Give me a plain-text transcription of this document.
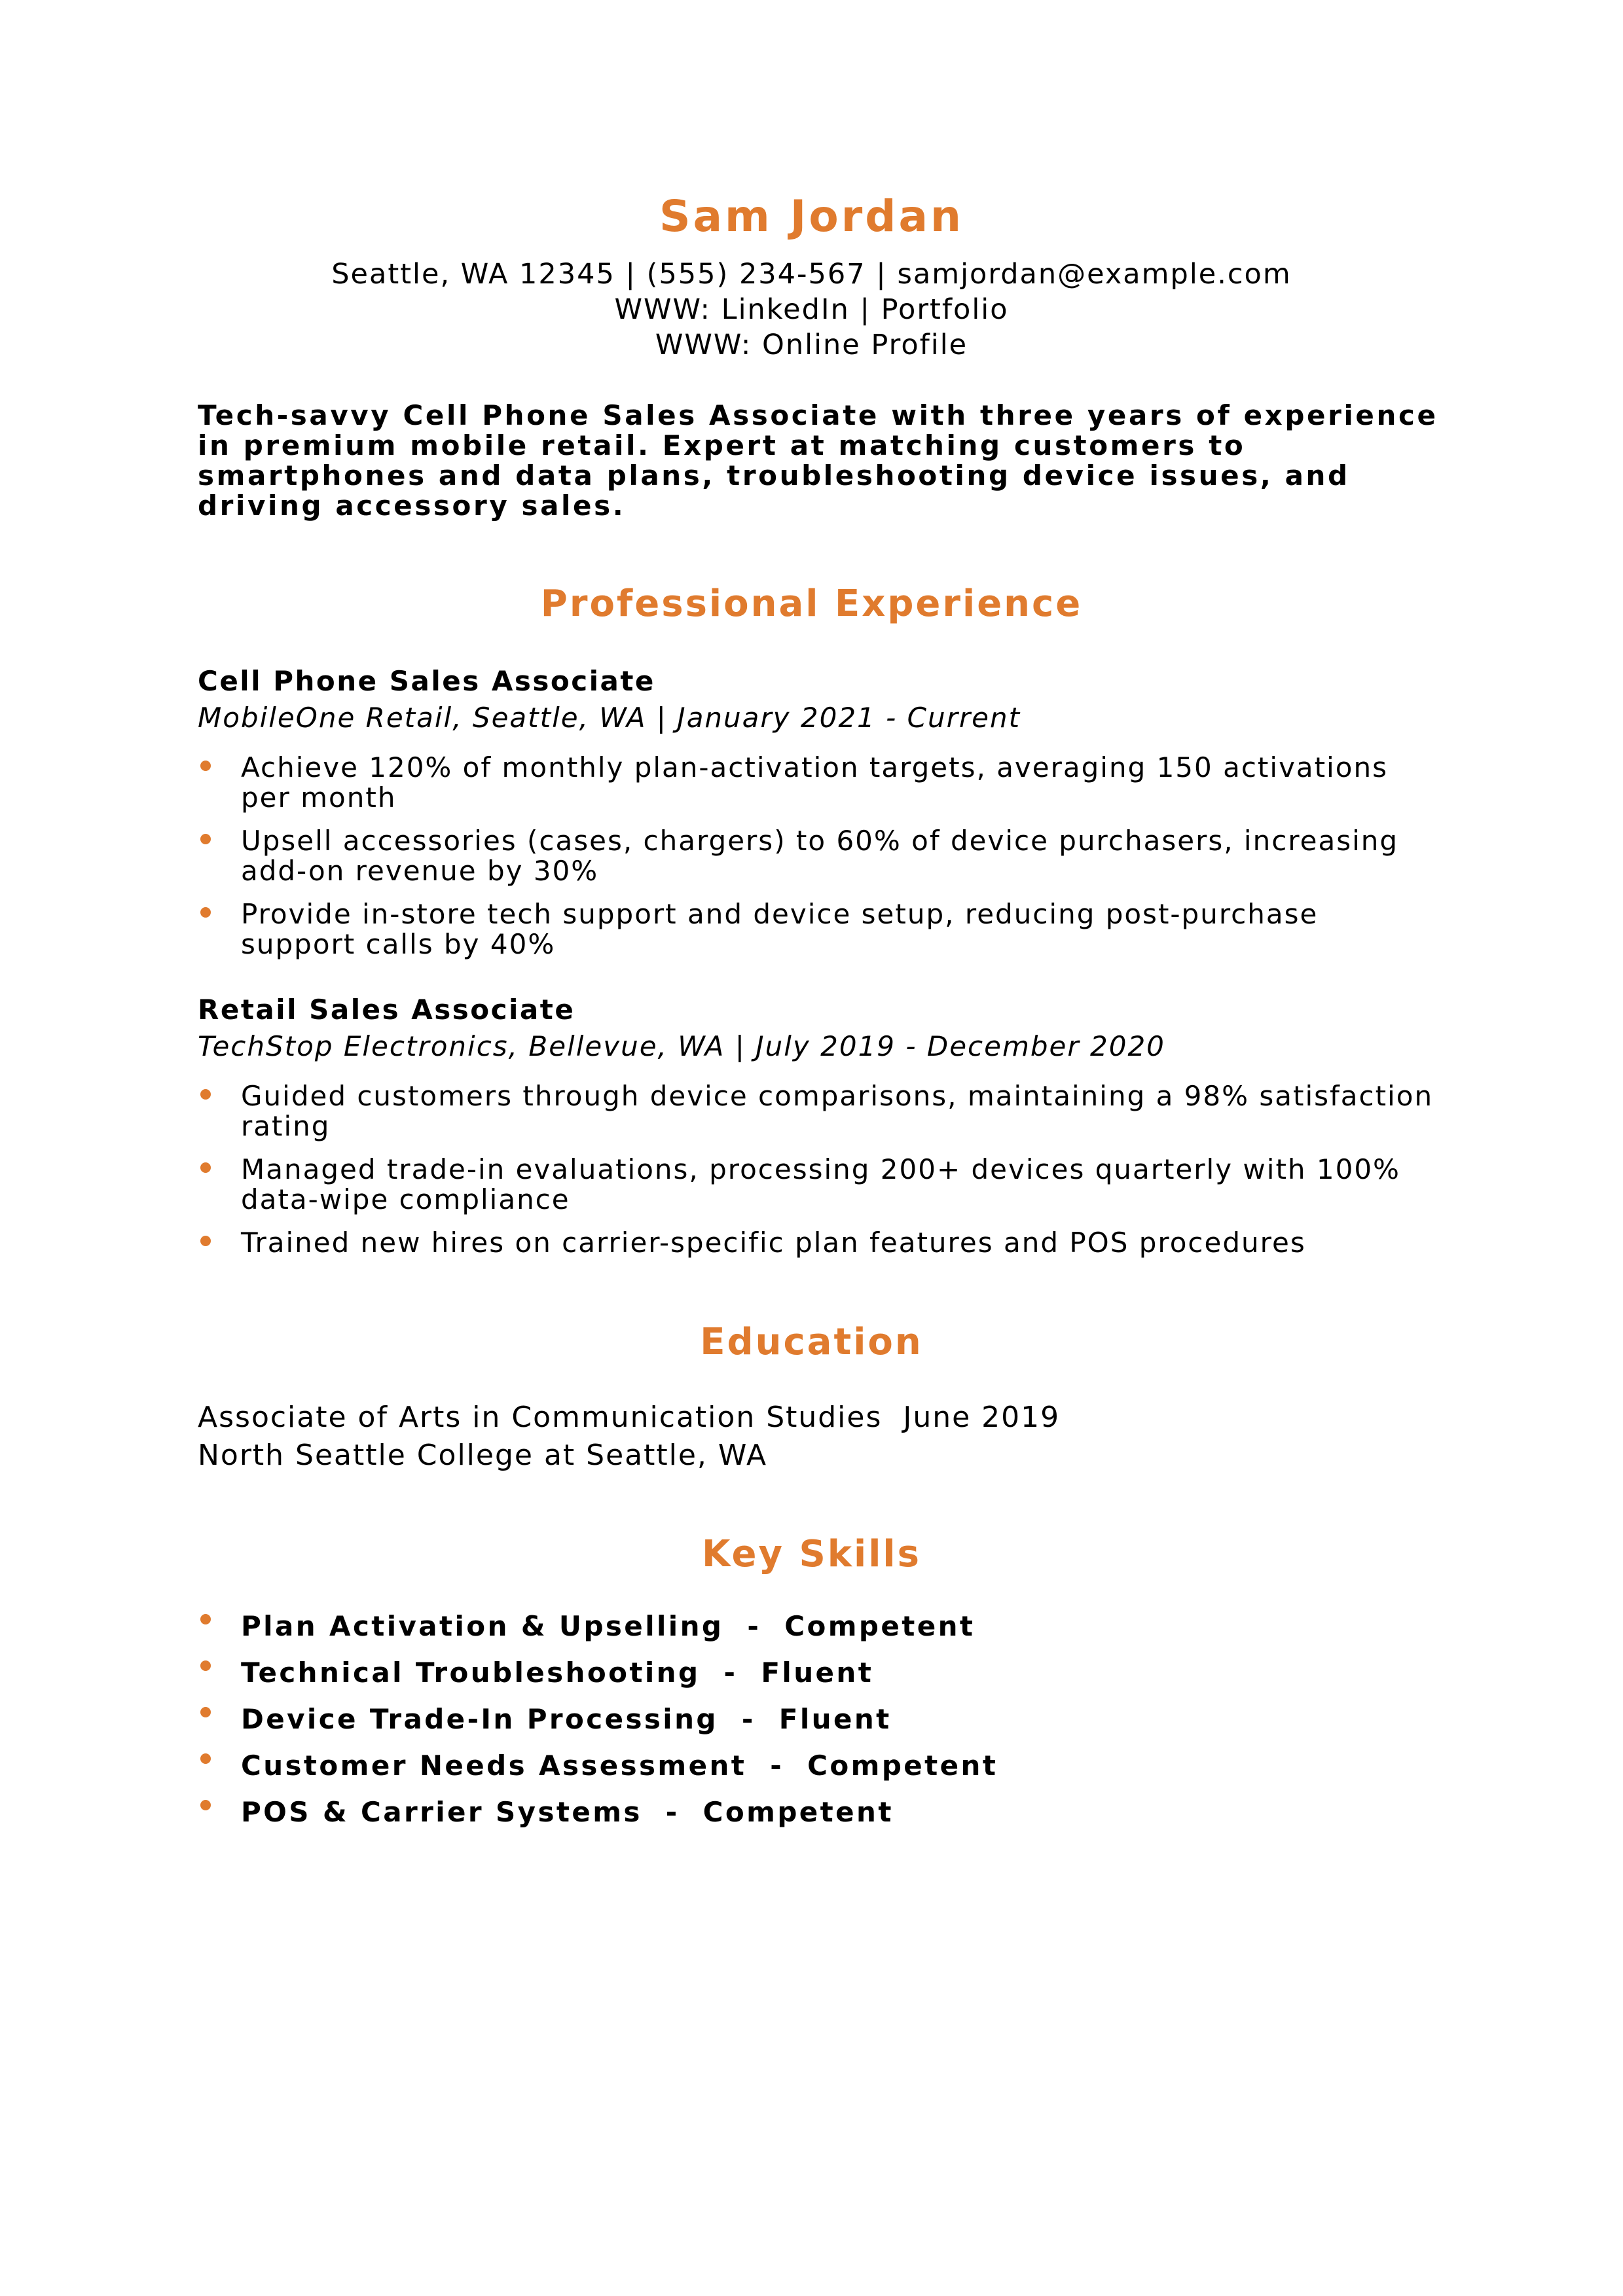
Sam Jordan
Seattle, WA 12345 | (555) 234-567 | samjordan@example.com
WWW: LinkedIn | Portfolio
WWW: Online Profile
Tech-savvy Cell Phone Sales Associate with three years of experience in premium mobile retail. Expert at matching customers to smartphones and data plans, troubleshooting device issues, and driving accessory sales.
Professional Experience
Cell Phone Sales Associate
MobileOne Retail, Seattle, WA | January 2021 - Current
Achieve 120% of monthly plan-activation targets, averaging 150 activations per month
Upsell accessories (cases, chargers) to 60% of device purchasers, increasing add-on revenue by 30%
Provide in-store tech support and device setup, reducing post-purchase support calls by 40%
Retail Sales Associate
TechStop Electronics, Bellevue, WA | July 2019 - December 2020
Guided customers through device comparisons, maintaining a 98% satisfaction rating
Managed trade-in evaluations, processing 200+ devices quarterly with 100% data-wipe compliance
Trained new hires on carrier-specific plan features and POS procedures
Education
Associate of Arts in Communication Studies  June 2019
North Seattle College at Seattle, WA
Key Skills
Plan Activation & Upselling  -  Competent
Technical Troubleshooting  -  Fluent
Device Trade-In Processing  -  Fluent
Customer Needs Assessment  -  Competent
POS & Carrier Systems  -  Competent
